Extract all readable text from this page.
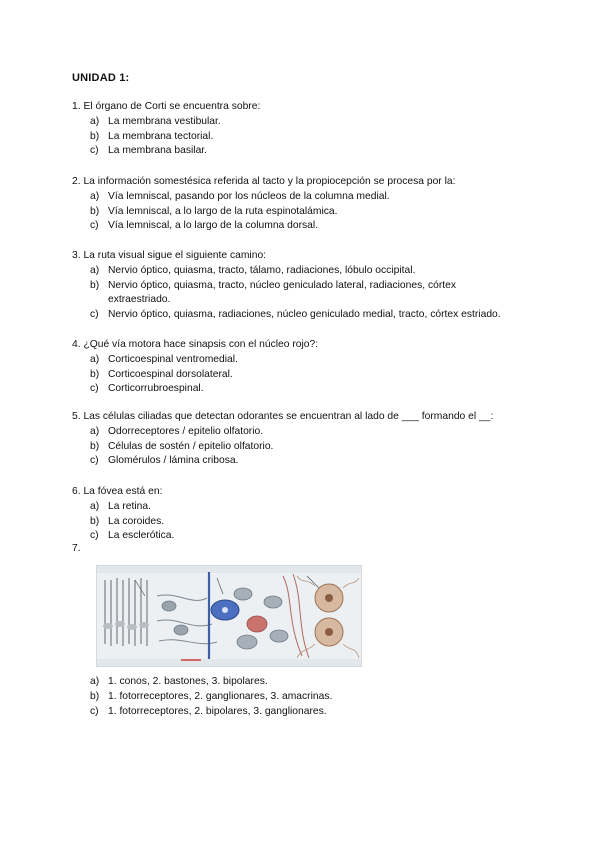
UNIDAD 1:
1. El órgano de Corti se encuentra sobre:
a) La membrana vestibular.
b) La membrana tectorial.
c) La membrana basilar.
2. La información somestésica referida al tacto y la propiocepción se procesa por la:
a) Vía lemniscal, pasando por los núcleos de la columna medial.
b) Vía lemniscal, a lo largo de la ruta espinotalámica.
c) Vía lemniscal, a lo largo de la columna dorsal.
3. La ruta visual sigue el siguiente camino:
a) Nervio óptico, quiasma, tracto, tálamo, radiaciones, lóbulo occipital.
b) Nervio óptico, quiasma, tracto, núcleo geniculado lateral, radiaciones, córtex extraestriado.
c) Nervio óptico, quiasma, radiaciones, núcleo geniculado medial, tracto, córtex estriado.
4. ¿Qué vía motora hace sinapsis con el núcleo rojo?:
a) Corticoespinal ventromedial.
b) Corticoespinal dorsolateral.
c) Corticorrubroespinal.
5. Las células ciliadas que detectan odorantes se encuentran al lado de ___ formando el __:
a) Odorreceptores / epitelio olfatorio.
b) Células de sostén / epitelio olfatorio.
c) Glomérulos / lámina cribosa.
6. La fóvea está en:
a) La retina.
b) La coroides.
c) La esclerótica.
7.
a) 1. conos, 2. bastones, 3. bipolares.
b) 1. fotorreceptores, 2. ganglionares, 3. amacrinas.
c) 1. fotorreceptores, 2. bipolares, 3. ganglionares.
